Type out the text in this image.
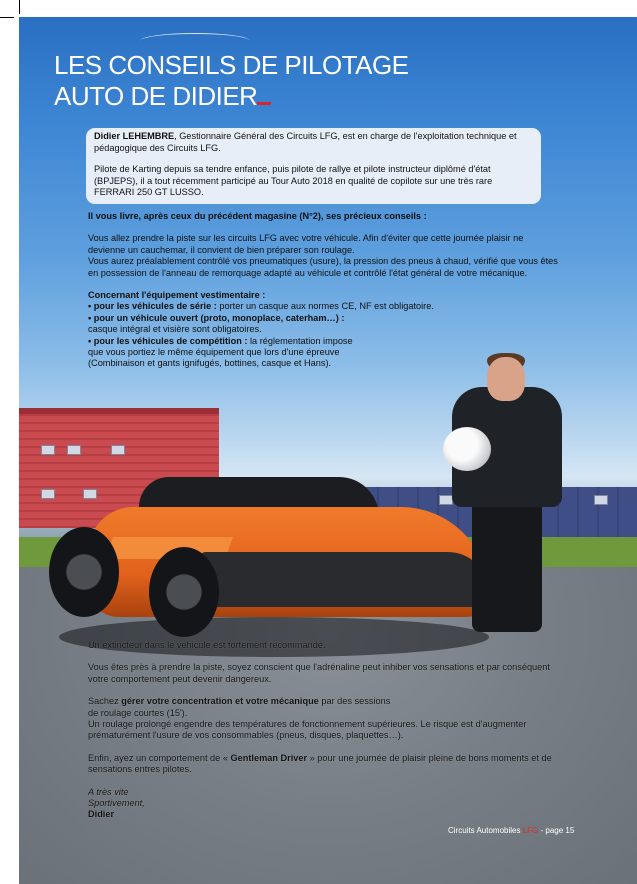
LES CONSEILS DE PILOTAGE
AUTO DE DIDIER

Didier LEHEMBRE, Gestionnaire Général des Circuits LFG, est en charge de l'exploitation technique et pédagogique des Circuits LFG.

Pilote de Karting depuis sa tendre enfance, puis pilote de rallye et pilote instructeur diplômé d'état (BPJEPS), il a tout récemment participé au Tour Auto 2018 en qualité de copilote sur une très rare FERRARI 250 GT LUSSO.

Il vous livre, après ceux du précédent magasine (N°2), ses précieux conseils :

Vous allez prendre la piste sur les circuits LFG avec votre véhicule. Afin d'éviter que cette journée plaisir ne devienne un cauchemar, il convient de bien préparer son roulage.

Vous aurez préalablement contrôlé vos pneumatiques (usure), la pression des pneus à chaud, vérifié que vous êtes en possession de l'anneau de remorquage adapté au véhicule et contrôlé l'état général de votre mécanique.

Concernant l'équipement vestimentaire :

• pour les véhicules de série : porter un casque aux normes CE, NF est obligatoire.

• pour un véhicule ouvert (proto, monoplace, caterham…) :

casque intégral et visière sont obligatoires.

• pour les véhicules de compétition : la réglementation impose

que vous portiez le même équipement que lors d'une épreuve

(Combinaison et gants ignifugés, bottines, casque et Hans).

Un extincteur dans le véhicule est fortement recommandé.

Vous êtes près à prendre la piste, soyez conscient que l'adrénaline peut inhiber vos sensations et par conséquent votre comportement peut devenir dangereux.

Sachez gérer votre concentration et votre mécanique par des sessions

de roulage courtes (15').

Un roulage prolongé engendre des températures de fonctionnement supérieures. Le risque est d'augmenter prématurément l'usure de vos consommables (pneus, disques, plaquettes…).

Enfin, ayez un comportement de « Gentleman Driver » pour une journée de plaisir pleine de bons moments et de sensations entres pilotes.

A très vite

Sportivement,

Didier

Circuits Automobiles LFG - page 15
